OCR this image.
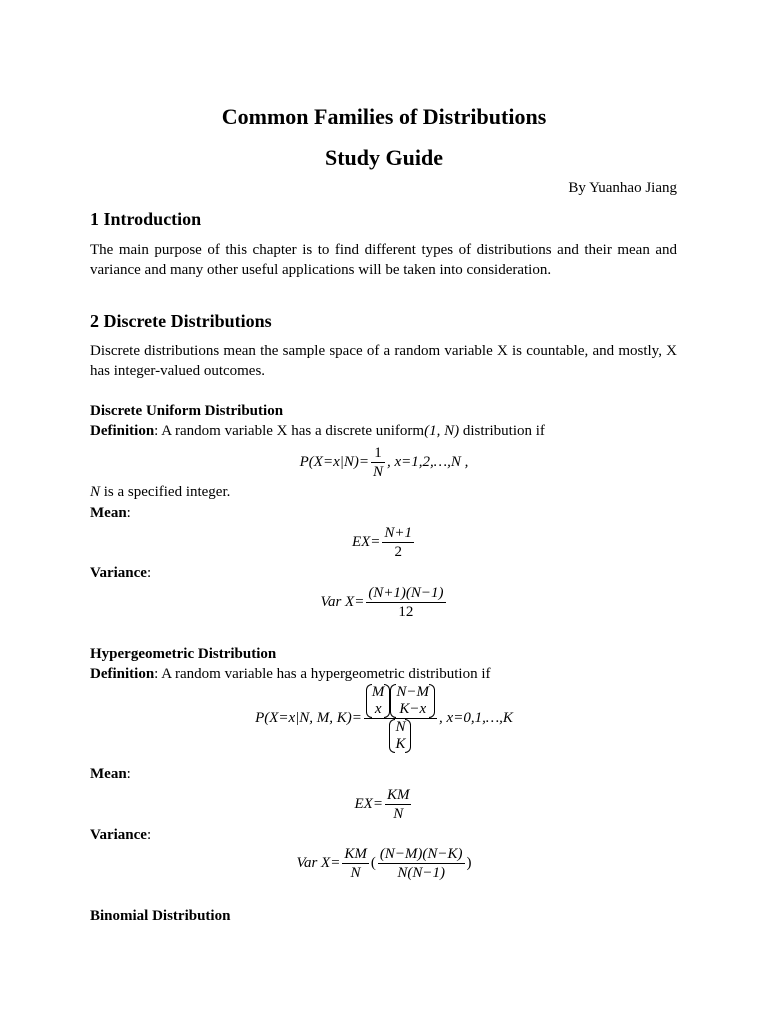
Common Families of Distributions
Study Guide
By Yuanhao Jiang
1 Introduction
The main purpose of this chapter is to find different types of distributions and their mean and variance and many other useful applications will be taken into consideration.
2 Discrete Distributions
Discrete distributions mean the sample space of a random variable X is countable, and mostly, X has integer-valued outcomes.
Discrete Uniform Distribution
Definition: A random variable X has a discrete uniform(1, N) distribution if
$P(X=x|N)= \frac{1}{N}$ , x=1,2,…,N ,
N is a specified integer.
Mean:
$EX= \frac{N+1}{2}$
Variance:
Var $X= \frac{(N+1)(N-1)}{12}$
Hypergeometric Distribution
Definition: A random variable has a hypergeometric distribution if
P(X=x|N, M, K)= M
x
N−M
K−x
N
K , x=0,1,…,K
Mean:
$EX= \frac{KM}{N}$
Variance:
Var $X= \frac{KM}{N}$ ( $\frac{(N-M)(N-K)}{N(N-1)}$ )
Binomial Distribution
